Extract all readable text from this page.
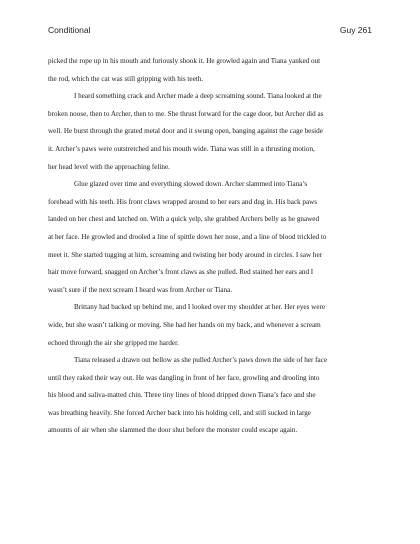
Conditional	Guy 261
picked the rope up in his mouth and furiously shook it. He growled again and Tiana yanked out
the rod, which the cat was still gripping with his teeth.
I heard something crack and Archer made a deep screaming sound. Tiana looked at the
broken noose, then to Archer, then to me. She thrust forward for the cage door, but Archer did as
well. He burst through the grated metal door and it swung open, banging against the cage beside
it. Archer’s paws were outstretched and his mouth wide. Tiana was still in a thrusting motion,
her head level with the approaching feline.
Glue glazed over time and everything slowed down. Archer slammed into Tiana’s
forehead with his teeth. His front claws wrapped around to her ears and dug in. His back paws
landed on her chest and latched on. With a quick yelp, she grabbed Archers belly as he gnawed
at her face. He growled and drooled a line of spittle down her nose, and a line of blood trickled to
meet it. She started tugging at him, screaming and twisting her body around in circles. I saw her
hair move forward, snagged on Archer’s front claws as she pulled. Red stained her ears and I
wasn’t sure if the next scream I heard was from Archer or Tiana.
Brittany had backed up behind me, and I looked over my shoulder at her. Her eyes were
wide, but she wasn’t talking or moving. She had her hands on my back, and whenever a scream
echoed through the air she gripped me harder.
Tiana released a drawn out bellow as she pulled Archer’s paws down the side of her face
until they raked their way out. He was dangling in front of her face, growling and drooling into
his blood and saliva-matted chin. Three tiny lines of blood dripped down Tiana’s face and she
was breathing heavily. She forced Archer back into his holding cell, and still sucked in large
amounts of air when she slammed the door shut before the monster could escape again.
